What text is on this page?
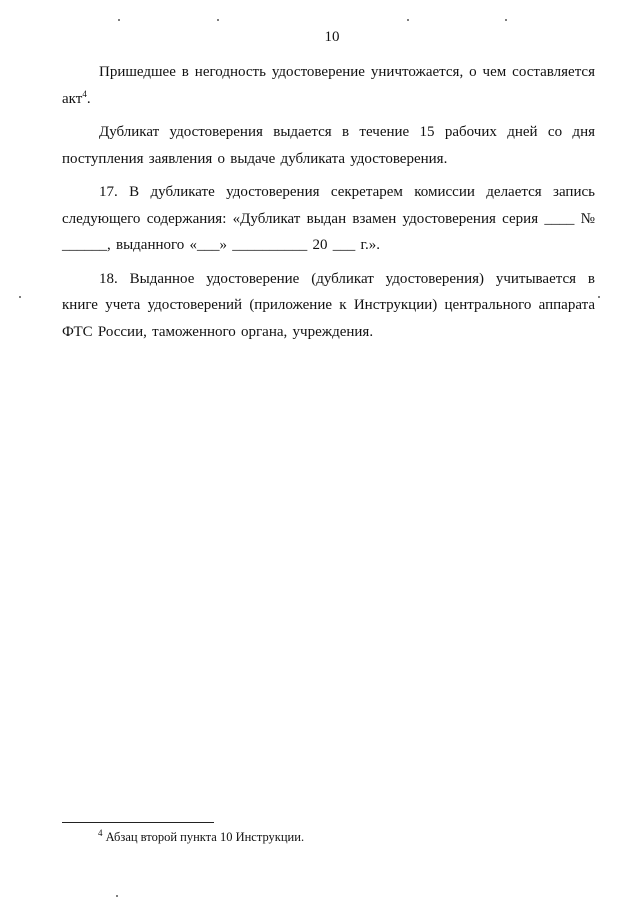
10

Пришедшее в негодность удостоверение уничтожается, о чем составляется акт$^4$.

Дубликат удостоверения выдается в течение 15 рабочих дней со дня поступления заявления о выдаче дубликата удостоверения.

17. В дубликате удостоверения секретарем комиссии делается запись следующего содержания: «Дубликат выдан взамен удостоверения серия ____ № ______, выданного «___» __________ 20 ___ г.».

18. Выданное удостоверение (дубликат удостоверения) учитывается в книге учета удостоверений (приложение к Инструкции) центрального аппарата ФТС России, таможенного органа, учреждения.

$^4$ Абзац второй пункта 10 Инструкции.
